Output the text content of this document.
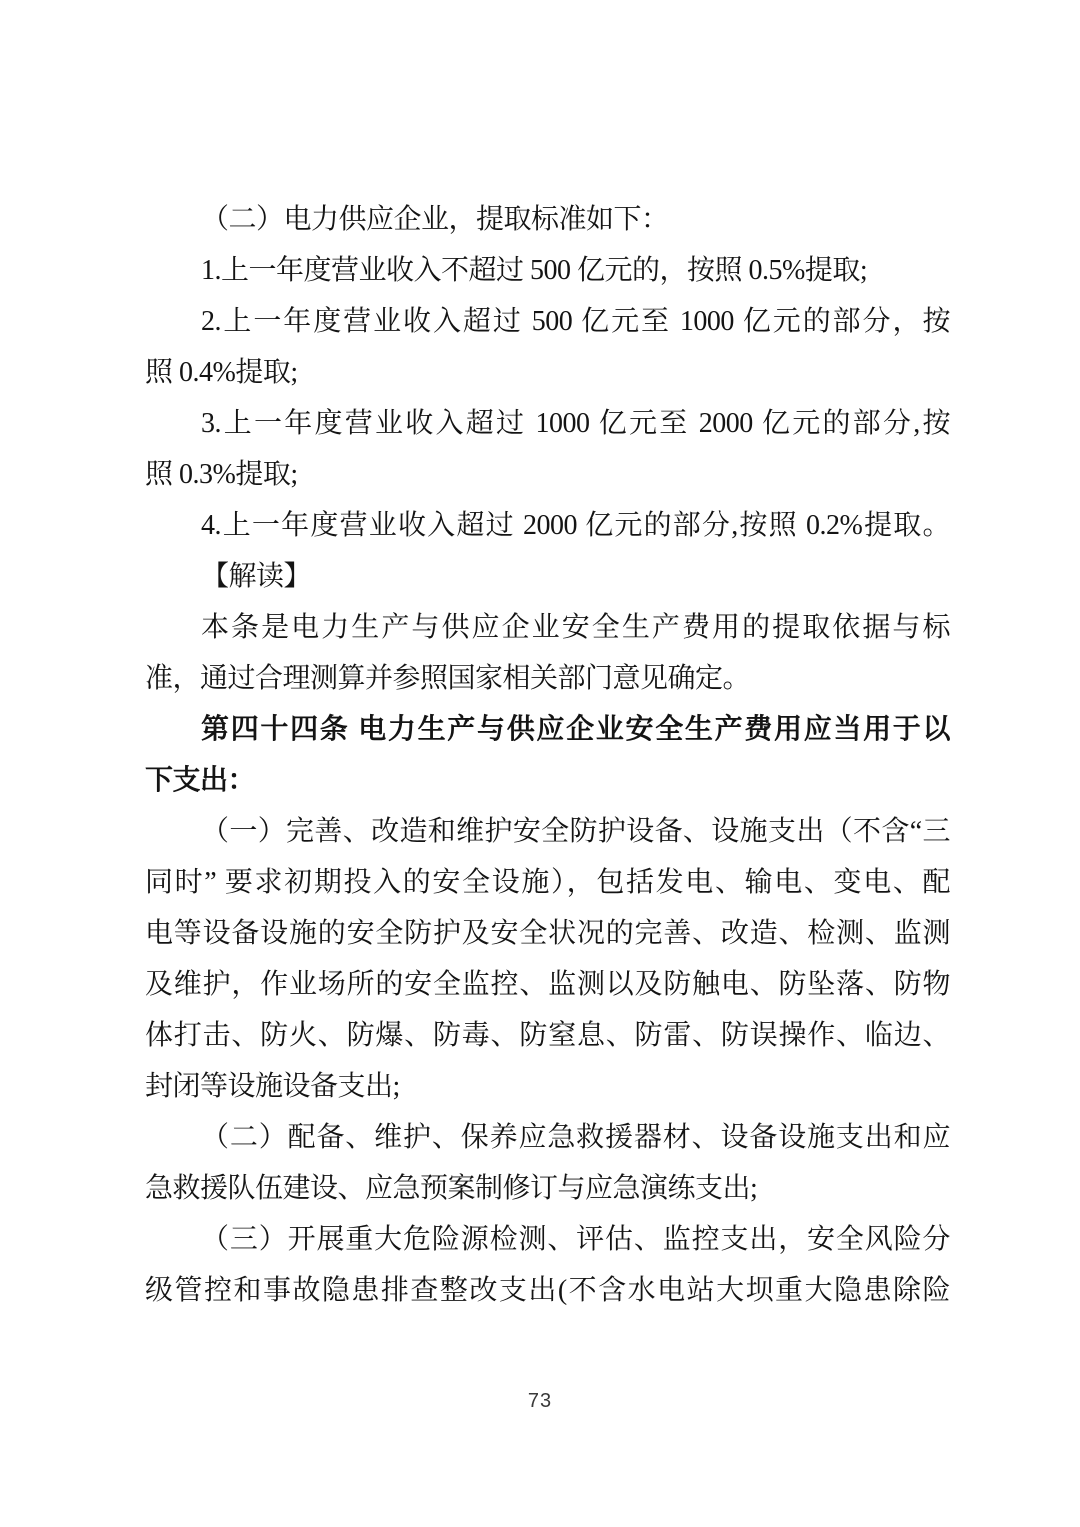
（二）电力供应企业，提取标准如下：
1.上一年度营业收入不超过 500 亿元的，按照 0.5%提取;
2.上一年度营业收入超过 500 亿元至 1000 亿元的部分，按
照 0.4%提取;
3.上一年度营业收入超过 1000 亿元至 2000 亿元的部分,按
照 0.3%提取;
4.上一年度营业收入超过 2000 亿元的部分,按照 0.2%提取。
【解读】
本条是电力生产与供应企业安全生产费用的提取依据与标
准，通过合理测算并参照国家相关部门意见确定。
第四十四条 电力生产与供应企业安全生产费用应当用于以
下支出：
（一）完善、改造和维护安全防护设备、设施支出（不含“三
同时” 要求初期投入的安全设施），包括发电、输电、变电、配
电等设备设施的安全防护及安全状况的完善、改造、检测、监测
及维护，作业场所的安全监控、监测以及防触电、防坠落、防物
体打击、防火、防爆、防毒、防窒息、防雷、防误操作、临边、
封闭等设施设备支出;
（二）配备、维护、保养应急救援器材、设备设施支出和应
急救援队伍建设、应急预案制修订与应急演练支出;
（三）开展重大危险源检测、评估、监控支出，安全风险分
级管控和事故隐患排查整改支出(不含水电站大坝重大隐患除险
73
